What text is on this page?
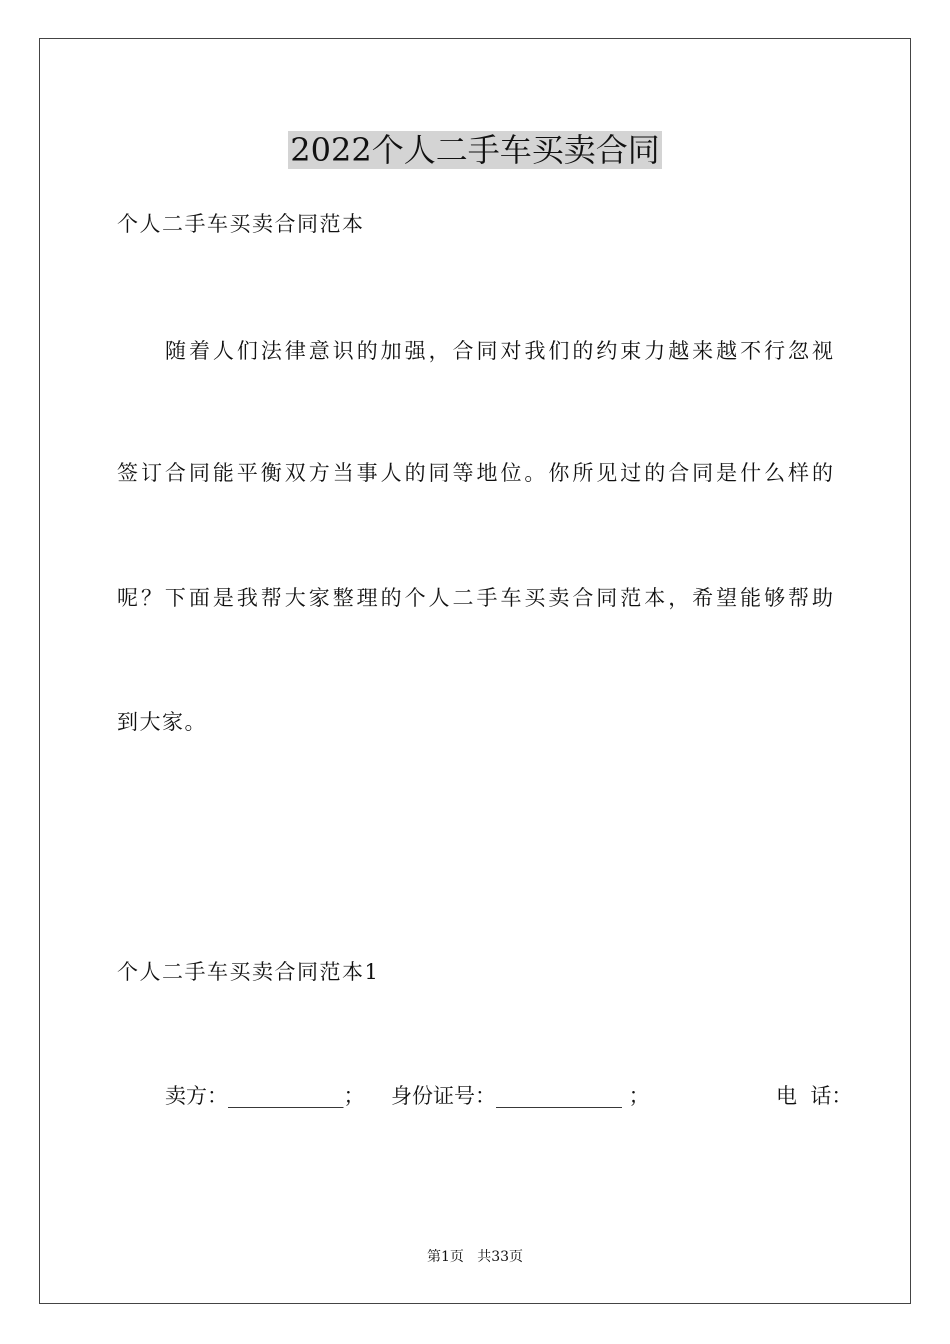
2022个人二手车买卖合同
个人二手车买卖合同范本
随着人们法律意识的加强，合同对我们的约束力越来越不行忽视
签订合同能平衡双方当事人的同等地位。你所见过的合同是什么样的
呢？下面是我帮大家整理的个人二手车买卖合同范本，希望能够帮助
到大家。
个人二手车买卖合同范本1
卖方：___________； 身份证号：____________ ；	电  话：
第1页   共33页
